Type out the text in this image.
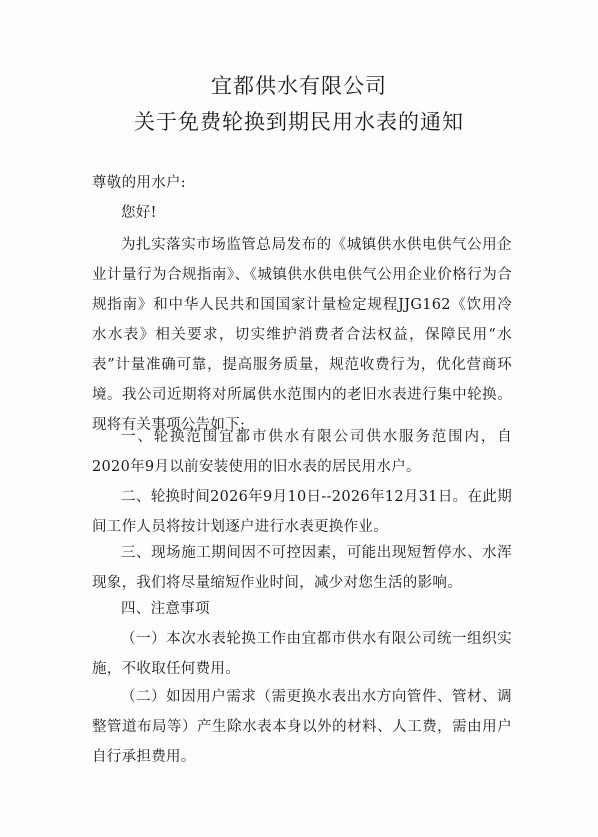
宜都供水有限公司
关于免费轮换到期民用水表的通知

尊敬的用水户:

您好!

为扎实落实市场监管总局发布的《城镇供水供电供气公用企业计量行为合规指南》、《城镇供水供电供气公用企业价格行为合规指南》和中华人民共和国国家计量检定规程JJG162《饮用冷水水表》相关要求，切实维护消费者合法权益，保障民用“水表”计量准确可靠，提高服务质量，规范收费行为，优化营商环境。我公司近期将对所属供水范围内的老旧水表进行集中轮换。现将有关事项公告如下:

一、轮换范围宜都市供水有限公司供水服务范围内，自2020年9月以前安装使用的旧水表的居民用水户。

二、轮换时间2026年9月10日--2026年12月31日。在此期间工作人员将按计划逐户进行水表更换作业。

三、现场施工期间因不可控因素，可能出现短暂停水、水浑现象，我们将尽量缩短作业时间，减少对您生活的影响。

四、注意事项

（一）本次水表轮换工作由宜都市供水有限公司统一组织实施，不收取任何费用。

（二）如因用户需求（需更换水表出水方向管件、管材、调整管道布局等）产生除水表本身以外的材料、人工费，需由用户自行承担费用。
